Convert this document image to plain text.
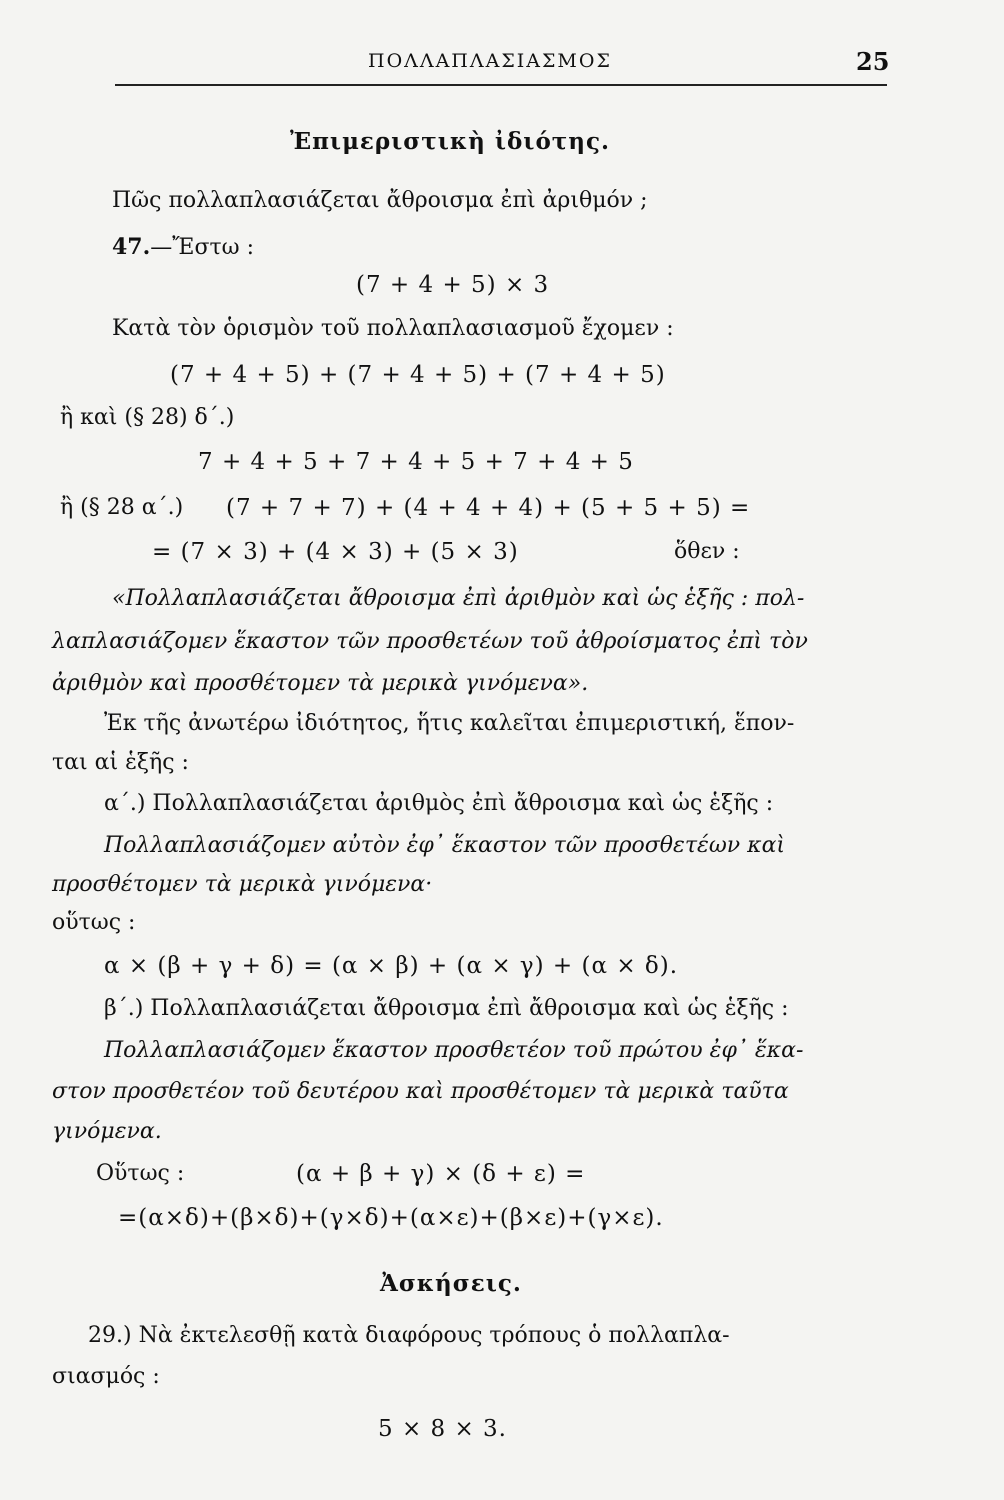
ΠΟΛΛΑΠΛΑΣΙΑΣΜΟΣ	25
Ἐπιμεριστικὴ ἰδιότης.
Πῶς πολλαπλασιάζεται ἄθροισμα ἐπὶ ἀριθμόν ;
47.—Ἔστω :
(7 + 4 + 5) × 3
Κατὰ τὸν ὁρισμὸν τοῦ πολλαπλασιασμοῦ ἔχομεν :
(7 + 4 + 5) + (7 + 4 + 5) + (7 + 4 + 5)
ἢ καὶ (§ 28) δ΄.)
7 + 4 + 5 + 7 + 4 + 5 + 7 + 4 + 5
ἢ (§ 28 α΄.) (7 + 7 + 7) + (4 + 4 + 4) + (5 + 5 + 5) =
= (7 × 3) + (4 × 3) + (5 × 3)	ὅθεν :
«Πολλαπλασιάζεται ἄθροισμα ἐπὶ ἀριθμὸν καὶ ὡς ἑξῆς : πολ-
λαπλασιάζομεν ἕκαστον τῶν προσθετέων τοῦ ἀθροίσματος ἐπὶ τὸν
ἀριθμὸν καὶ προσθέτομεν τὰ μερικὰ γινόμενα».
Ἐκ τῆς ἀνωτέρω ἰδιότητος, ἥτις καλεῖται ἐπιμεριστική, ἕπον-
ται αἱ ἑξῆς :
α΄.) Πολλαπλασιάζεται ἀριθμὸς ἐπὶ ἄθροισμα καὶ ὡς ἑξῆς :
Πολλαπλασιάζομεν αὐτὸν ἐφ᾽ ἕκαστον τῶν προσθετέων καὶ
προσθέτομεν τὰ μερικὰ γινόμενα·
οὕτως :
α × (β + γ + δ) = (α × β) + (α × γ) + (α × δ).
β΄.) Πολλαπλασιάζεται ἄθροισμα ἐπὶ ἄθροισμα καὶ ὡς ἑξῆς :
Πολλαπλασιάζομεν ἕκαστον προσθετέον τοῦ πρώτου ἐφ᾽ ἕκα-
στον προσθετέον τοῦ δευτέρου καὶ προσθέτομεν τὰ μερικὰ ταῦτα
γινόμενα.
Οὕτως :	(α + β + γ) × (δ + ε) =
=(α×δ)+(β×δ)+(γ×δ)+(α×ε)+(β×ε)+(γ×ε).
Ἀσκήσεις.
29.) Νὰ ἐκτελεσθῇ κατὰ διαφόρους τρόπους ὁ πολλαπλα-
σιασμός :
5 × 8 × 3.
